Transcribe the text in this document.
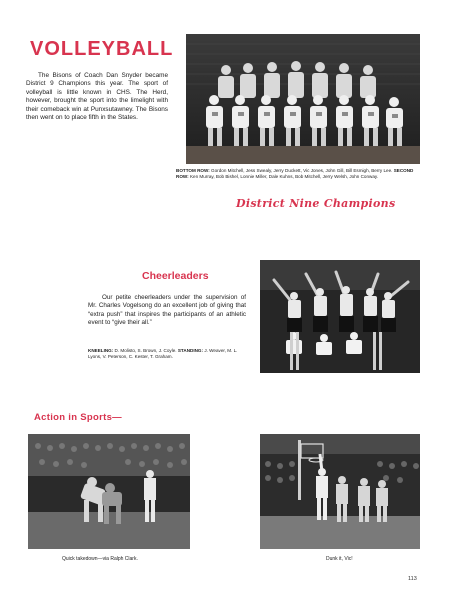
VOLLEYBALL
The Bisons of Coach Dan Snyder became District 9 Champions this year. The sport of volleyball is little known in CHS. The Herd, however, brought the sport into the limelight with their comeback win at Punxsutawney. The Bisons then went on to place fifth in the States.
BOTTOM ROW: Gordon Mitchell, Jess Swealy, Jerry Duckett, Vic Jones, John Gill, Bill Esmigh, Berry Lee. SECOND ROW: Ken Murray, Bob Bishel, Lonnie Miller, Dale Kuhns, Bob Mitchell, Jerry Welsh, John Conway.
District Nine Champions
Cheerleaders
Our petite cheerleaders under the supervision of Mr. Charles Vogelsong do an excellent job of giving that “extra push” that inspires the participants of an athletic event to “give their all.”
KNEELING: D. Molisto, S. Brown, J. Coyle. STANDING: J. Weaver, M. L. Lyons, V. Peterson, C. Kester, T. Graham.
Action in Sports—
Quick takedown—via Ralph Clark.	Dunk it, Vic!
113
